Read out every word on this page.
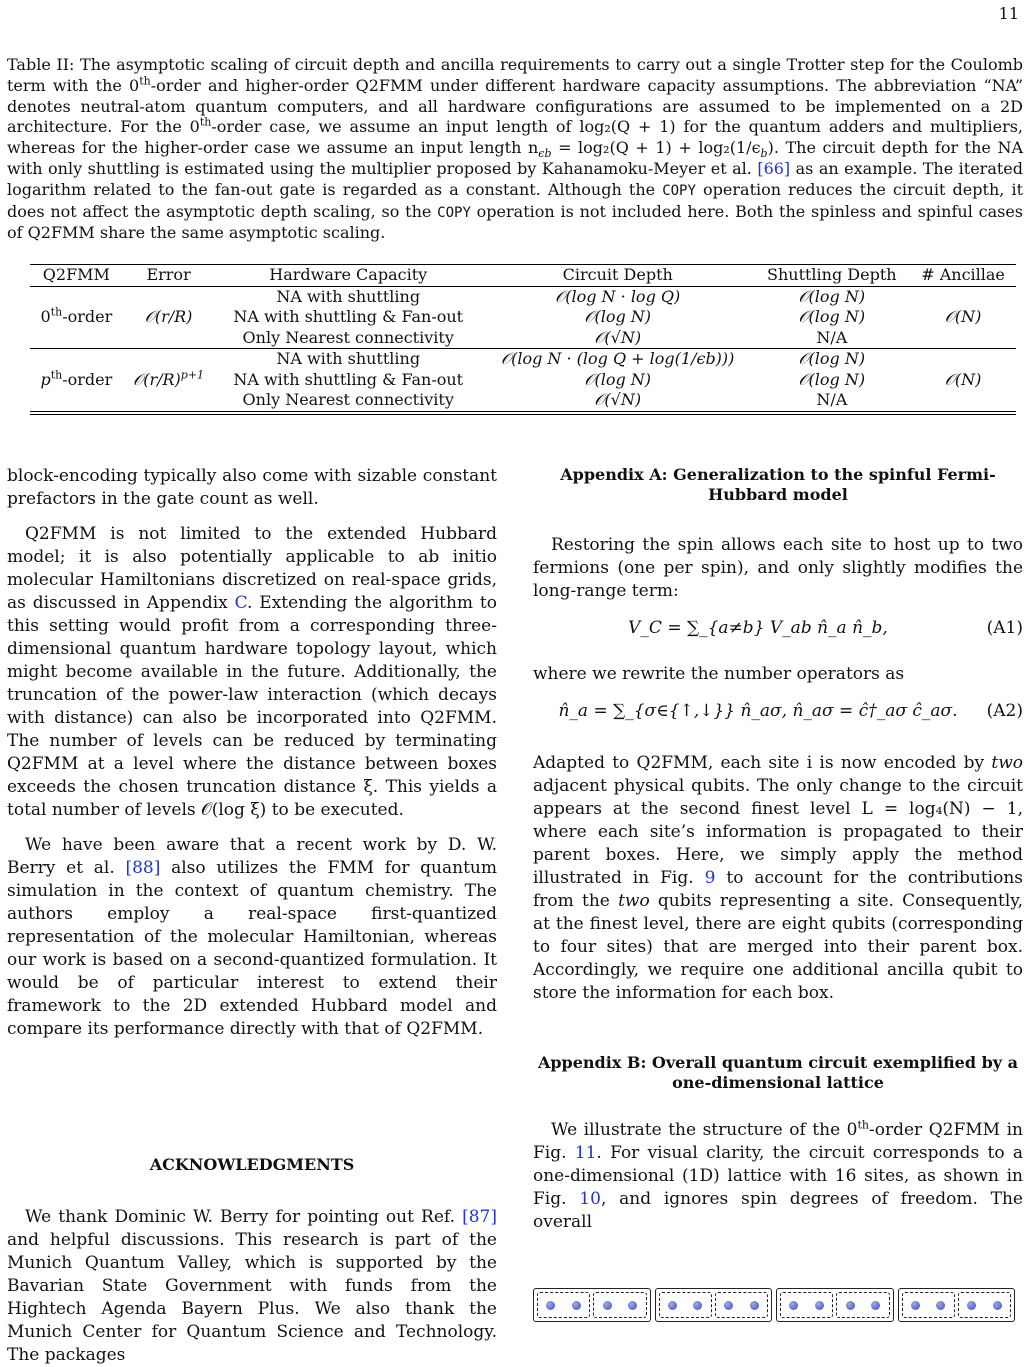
11
Table II: The asymptotic scaling of circuit depth and ancilla requirements to carry out a single Trotter step for the Coulomb term with the 0th-order and higher-order Q2FMM under different hardware capacity assumptions. The abbreviation “NA” denotes neutral-atom quantum computers, and all hardware configurations are assumed to be implemented on a 2D architecture. For the 0th-order case, we assume an input length of log₂(Q + 1) for the quantum adders and multipliers, whereas for the higher-order case we assume an input length $n_{\epsilon b} = \log_2(Q + 1) + \log_2(1/\epsilon_b)$. The circuit depth for the NA with only shuttling is estimated using the multiplier proposed by Kahanamoku-Meyer et al. [66] as an example. The iterated logarithm related to the fan-out gate is regarded as a constant. Although the COPY operation reduces the circuit depth, it does not affect the asymptotic depth scaling, so the COPY operation is not included here. Both the spinless and spinful cases of Q2FMM share the same asymptotic scaling.
Q2FMM	Error	Hardware Capacity	Circuit Depth	Shuttling Depth	# Ancillae
0th-order	𝒪(r/R)	NA with shuttling	𝒪(log N · log Q)	𝒪(log N)	𝒪(N)
		NA with shuttling & Fan-out	𝒪(log N)	𝒪(log N)	
		Only Nearest connectivity	𝒪(√N)	N/A	
$p^{th}$-order	$𝒪(r/R)^{p+1}$	NA with shuttling	𝒪(log N · (log Q + log(1/ϵb)))	𝒪(log N)	𝒪(N)
		NA with shuttling & Fan-out	𝒪(log N)	𝒪(log N)	
		Only Nearest connectivity	𝒪(√N)	N/A	

block-encoding typically also come with sizable constant prefactors in the gate count as well.

Q2FMM is not limited to the extended Hubbard model; it is also potentially applicable to ab initio molecular Hamiltonians discretized on real-space grids, as discussed in Appendix C. Extending the algorithm to this setting would profit from a corresponding three-dimensional quantum hardware topology layout, which might become available in the future. Additionally, the truncation of the power-law interaction (which decays with distance) can also be incorporated into Q2FMM. The number of levels can be reduced by terminating Q2FMM at a level where the distance between boxes exceeds the chosen truncation distance ξ. This yields a total number of levels 𝒪(log ξ) to be executed.

We have been aware that a recent work by D. W. Berry et al. [88] also utilizes the FMM for quantum simulation in the context of quantum chemistry. The authors employ a real-space first-quantized representation of the molecular Hamiltonian, whereas our work is based on a second-quantized formulation. It would be of particular interest to extend their framework to the 2D extended Hubbard model and compare its performance directly with that of Q2FMM.

ACKNOWLEDGMENTS

We thank Dominic W. Berry for pointing out Ref. [87] and helpful discussions. This research is part of the Munich Quantum Valley, which is supported by the Bavarian State Government with funds from the Hightech Agenda Bayern Plus. We also thank the Munich Center for Quantum Science and Technology. The packages

Appendix A: Generalization to the spinful Fermi-Hubbard model

Restoring the spin allows each site to host up to two fermions (one per spin), and only slightly modifies the long-range term:

V_C = ∑_{a≠b} V_ab n̂_a n̂_b,	(A1)

where we rewrite the number operators as

n̂_a = ∑_{σ∈{↑,↓}} n̂_aσ, n̂_aσ = ĉ†_aσ ĉ_aσ.	(A2)

Adapted to Q2FMM, each site i is now encoded by two adjacent physical qubits. The only change to the circuit appears at the second finest level L = log₄(N) − 1, where each site’s information is propagated to their parent boxes. Here, we simply apply the method illustrated in Fig. 9 to account for the contributions from the two qubits representing a site. Consequently, at the finest level, there are eight qubits (corresponding to four sites) that are merged into their parent box. Accordingly, we require one additional ancilla qubit to store the information for each box.

Appendix B: Overall quantum circuit exemplified by a one-dimensional lattice

We illustrate the structure of the 0th-order Q2FMM in Fig. 11. For visual clarity, the circuit corresponds to a one-dimensional (1D) lattice with 16 sites, as shown in Fig. 10, and ignores spin degrees of freedom. The overall
